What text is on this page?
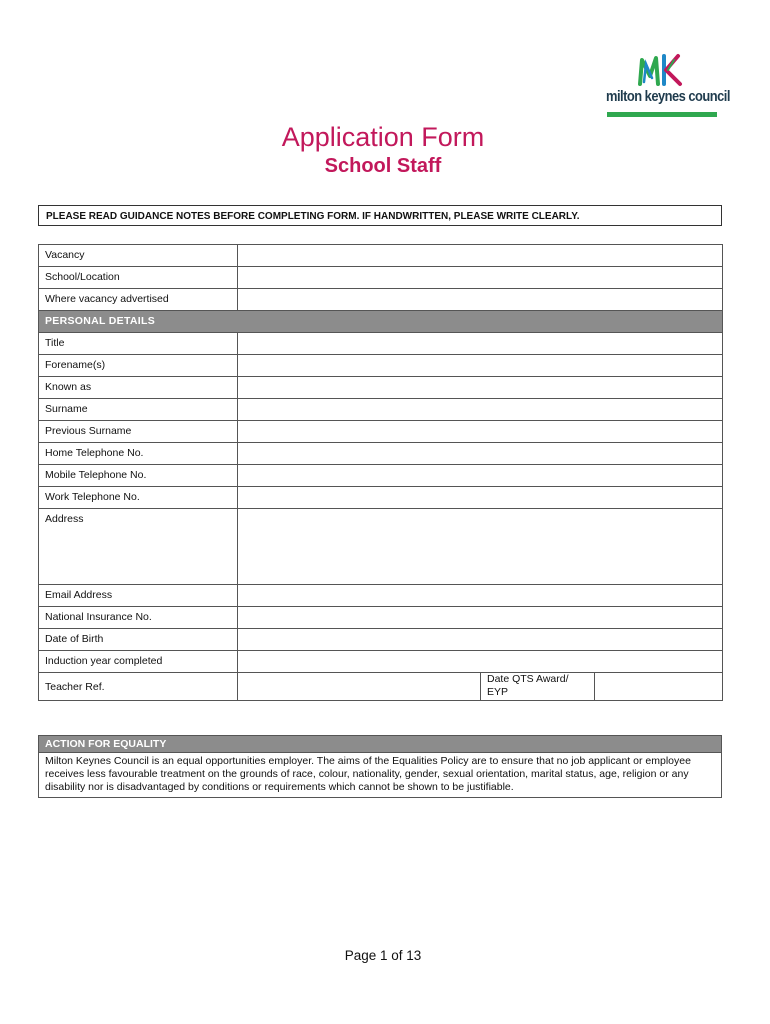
milton keynes council
Application Form
School Staff
PLEASE READ GUIDANCE NOTES BEFORE COMPLETING FORM. IF HANDWRITTEN, PLEASE WRITE CLEARLY.
Vacancy			
School/Location			
Where vacancy advertised			
PERSONAL DETAILS			
Title			
Forename(s)			
Known as			
Surname			
Previous Surname			
Home Telephone No.			
Mobile Telephone No.			
Work Telephone No.			
Address			
Email Address			
National Insurance No.			
Date of Birth			
Induction year completed			
Teacher Ref.		Date QTS Award/
EYP	
ACTION FOR EQUALITY
Milton Keynes Council is an equal opportunities employer. The aims of the Equalities Policy are to ensure that no job applicant or employee receives less favourable treatment on the grounds of race, colour, nationality, gender, sexual orientation, marital status, age, religion or any disability nor is disadvantaged by conditions or requirements which cannot be shown to be justifiable.
Page 1 of 13
